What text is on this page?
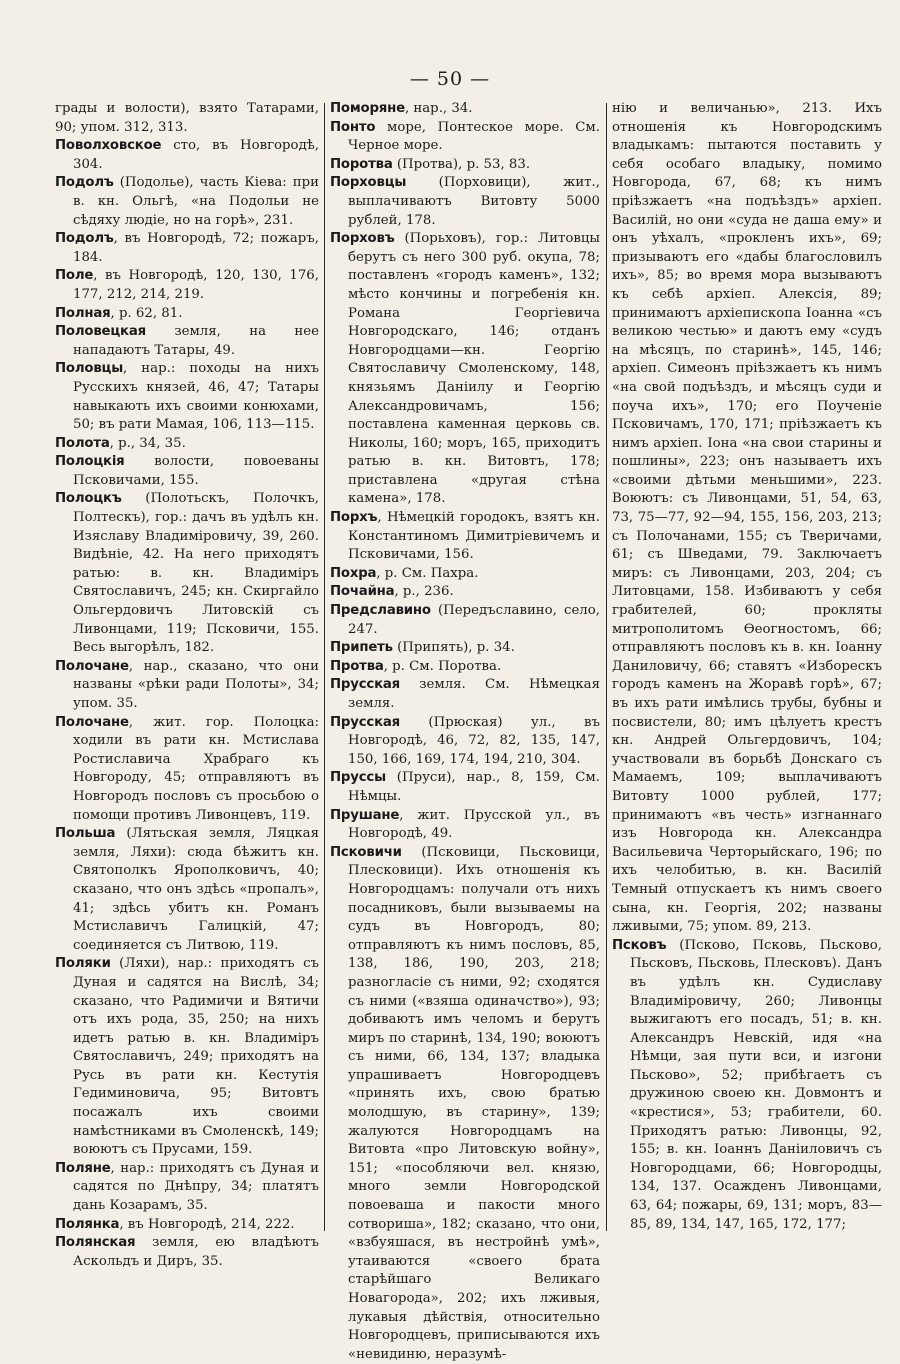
— 50 —

грады и волости), взято Татарами, 90; упом. 312, 313.

Поволховское сто, въ Новгородѣ, 304.

Подолъ (Подолье), часть Кіева: при в. кн. Ольгѣ, «на Подольи не сѣдяху людіе, но на горѣ», 231.

Подолъ, въ Новгородѣ, 72; пожаръ, 184.

Поле, въ Новгородѣ, 120, 130, 176, 177, 212, 214, 219.

Полная, р. 62, 81.

Половецкая земля, на нее нападаютъ Татары, 49.

Половцы, нар.: походы на нихъ Русскихъ князей, 46, 47; Татары навыкають ихъ своими конюхами, 50; въ рати Мамая, 106, 113—115.

Полота, р., 34, 35.

Полоцкія волости, повоеваны Псковичами, 155.

Полоцкъ (Полотьскъ, Полочкъ, Полтескъ), гор.: дачъ въ удѣлъ кн. Изяславу Владиміровичу, 39, 260. Видѣніе, 42. На него приходятъ ратью: в. кн. Владиміръ Святославичъ, 245; кн. Скиргайло Ольгердовичъ Литовскій съ Ливонцами, 119; Псковичи, 155. Весь выгорѣлъ, 182.

Полочане, нар., сказано, что они названы «рѣки ради Полоты», 34; упом. 35.

Полочане, жит. гор. Полоцка: ходили въ рати кн. Мстислава Ростиславича Храбраго къ Новгороду, 45; отправляютъ въ Новгородъ пословъ съ просьбою о помощи противъ Ливонцевъ, 119.

Польша (Лятьская земля, Ляцкая земля, Ляхи): сюда бѣжитъ кн. Святополкъ Ярополковичъ, 40; сказано, что онъ здѣсь «пропалъ», 41; здѣсь убитъ кн. Романъ Мстиславичъ Галицкій, 47; соединяется съ Литвою, 119.

Поляки (Ляхи), нар.: приходятъ съ Дуная и садятся на Вислѣ, 34; сказано, что Радимичи и Вятичи отъ ихъ рода, 35, 250; на нихъ идетъ ратью в. кн. Владиміръ Святославичъ, 249; приходятъ на Русь въ рати кн. Кестутія Гедиминовича, 95; Витовтъ посажалъ ихъ своими намѣстниками въ Смоленскѣ, 149; воюютъ съ Прусами, 159.

Поляне, нар.: приходятъ съ Дуная и садятся по Днѣпру, 34; платятъ дань Козарамъ, 35.

Полянка, въ Новгородѣ, 214, 222.

Полянская земля, ею владѣютъ Аскольдъ и Диръ, 35.

Поморяне, нар., 34.

Понто море, Понтеское море. См. Черное море.

Поротва (Протва), р. 53, 83.

Порховцы (Порховици), жит., выплачиваютъ Витовту 5000 рублей, 178.

Порховъ (Порьховъ), гор.: Литовцы берутъ съ него 300 руб. окупа, 78; поставленъ «городъ каменъ», 132; мѣсто кончины и погребенія кн. Романа Георгіевича Новгородскаго, 146; отданъ Новгородцами—кн. Георгію Святославичу Смоленскому, 148, князьямъ Даніилу и Георгію Александровичамъ, 156; поставлена каменная церковь св. Николы, 160; моръ, 165, приходитъ ратью в. кн. Витовтъ, 178; приставлена «другая стѣна камена», 178.

Порхъ, Нѣмецкій городокъ, взятъ кн. Константиномъ Димитріевичемъ и Псковичами, 156.

Похра, р. См. Пахра.

Почайна, р., 236.

Предславино (Передъславино, село, 247.

Припеть (Припять), р. 34.

Протва, р. См. Поротва.

Прусская земля. См. Нѣмецкая земля.

Прусская (Прюская) ул., въ Новгородѣ, 46, 72, 82, 135, 147, 150, 166, 169, 174, 194, 210, 304.

Пруссы (Пруси), нар., 8, 159, См. Нѣмцы.

Прушане, жит. Прусской ул., въ Новгородѣ, 49.

Псковичи (Псковици, Пьсковици, Плесковици). Ихъ отношенія къ Новгородцамъ: получали отъ нихъ посадниковъ, были вызываемы на судъ въ Новгородъ, 80; отправляютъ къ нимъ пословъ, 85, 138, 186, 190, 203, 218; разногласіе съ ними, 92; сходятся съ ними («взяша одиначство»), 93; добиваютъ имъ челомъ и берутъ миръ по старинѣ, 134, 190; воюютъ съ ними, 66, 134, 137; владыка упрашиваетъ Новгородцевъ «принять ихъ, свою братью молодшую, въ старину», 139; жалуются Новгородцамъ на Витовта «про Литовскую войну», 151; «пособляючи вел. князю, много земли Новгородской повоеваша и пакости много сотвориша», 182; сказано, что они, «взбуяшася, въ нестройнѣ умѣ», утаиваются «своего брата старѣйшаго Великаго Новагорода», 202; ихъ лживыя, лукавыя дѣйствія, относительно Новгородцевъ, приписываются ихъ «невидиню, неразумѣ-

нію и величанью», 213. Ихъ отношенія къ Новгородскимъ владыкамъ: пытаются поставить у себя особаго владыку, помимо Новгорода, 67, 68; къ нимъ пріѣзжаетъ «на подъѣздъ» архіеп. Василій, но они «суда не даша ему» и онъ уѣхалъ, «прокленъ ихъ», 69; призываютъ его «дабы благословилъ ихъ», 85; во время мора вызываютъ къ себѣ архіеп. Алексія, 89; принимаютъ архіепископа Іоанна «съ великою честью» и даютъ ему «судъ на мѣсяцъ, по старинѣ», 145, 146; архіеп. Симеонъ пріѣзжаетъ къ нимъ «на свой подъѣздъ, и мѣсяцъ суди и поуча ихъ», 170; его Поученіе Псковичамъ, 170, 171; пріѣзжаетъ къ нимъ архіеп. Іона «на свои старины и пошлины», 223; онъ называетъ ихъ «своими дѣтьми меньшими», 223. Воюютъ: съ Ливонцами, 51, 54, 63, 73, 75—77, 92—94, 155, 156, 203, 213; съ Полочанами, 155; съ Тверичами, 61; съ Шведами, 79. Заключаетъ миръ: съ Ливонцами, 203, 204; съ Литовцами, 158. Избиваютъ у себя грабителей, 60; прокляты митрополитомъ Ѳеогностомъ, 66; отправляютъ пословъ къ в. кн. Іоанну Даниловичу, 66; ставятъ «Изборескъ городъ каменъ на Жоравѣ горѣ», 67; въ ихъ рати имѣлись трубы, бубны и посвистели, 80; имъ цѣлуетъ крестъ кн. Андрей Ольгердовичъ, 104; участвовали въ борьбѣ Донскаго съ Мамаемъ, 109; выплачиваютъ Витовту 1000 рублей, 177; принимаютъ «въ честь» изгнаннаго изъ Новгорода кн. Александра Васильевича Черторыйскаго, 196; по ихъ челобитью, в. кн. Василій Темный отпускаетъ къ нимъ своего сына, кн. Георгія, 202; названы лживыми, 75; упом. 89, 213.

Псковъ (Псково, Псковь, Пьсково, Пьсковъ, Пьсковь, Плесковъ). Данъ въ удѣлъ кн. Судиславу Владиміровичу, 260; Ливонцы выжигаютъ его посадъ, 51; в. кн. Александръ Невскій, идя «на Нѣмци, зая пути вси, и изгони Пьсково», 52; прибѣгаетъ съ дружиною своею кн. Довмонтъ и «крестися», 53; грабители, 60. Приходятъ ратью: Ливонцы, 92, 155; в. кн. Іоаннъ Даніиловичъ съ Новгородцами, 66; Новгородцы, 134, 137. Осажденъ Ливонцами, 63, 64; пожары, 69, 131; моръ, 83—85, 89, 134, 147, 165, 172, 177;
